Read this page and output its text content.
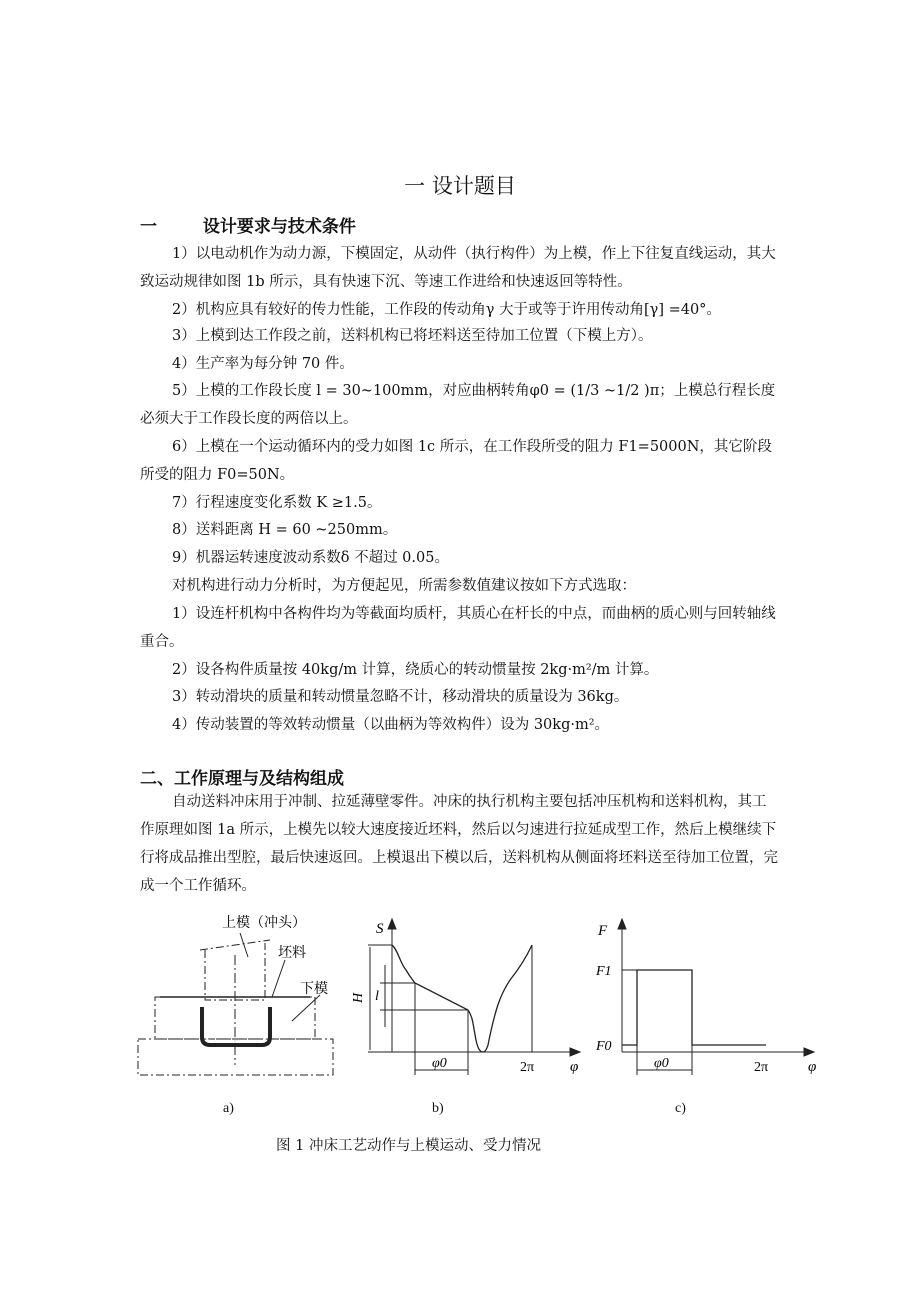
一 设计题目
一	设计要求与技术条件
1）以电动机作为动力源，下模固定，从动件（执行构件）为上模，作上下往复直线运动，其大致运动规律如图 1b 所示，具有快速下沉、等速工作进给和快速返回等特性。
2）机构应具有较好的传力性能，工作段的传动角γ 大于或等于许用传动角[γ] =40°。
3）上模到达工作段之前，送料机构已将坯料送至待加工位置（下模上方）。
4）生产率为每分钟 70 件。
5）上模的工作段长度 l = 30~100mm，对应曲柄转角φ0 = (1/3 ~1/2 )π；上模总行程长度必须大于工作段长度的两倍以上。
6）上模在一个运动循环内的受力如图 1c 所示，在工作段所受的阻力 F1=5000N，其它阶段所受的阻力 F0=50N。
7）行程速度变化系数 K ≥1.5。
8）送料距离 H = 60 ~250mm。
9）机器运转速度波动系数δ 不超过 0.05。
对机构进行动力分析时，为方便起见，所需参数值建议按如下方式选取：
1）设连杆机构中各构件均为等截面均质杆，其质心在杆长的中点，而曲柄的质心则与回转轴线重合。
2）设各构件质量按 40kg/m 计算，绕质心的转动惯量按 2kg·m²/m 计算。
3）转动滑块的质量和转动惯量忽略不计，移动滑块的质量设为 36kg。
4）传动装置的等效转动惯量（以曲柄为等效构件）设为 30kg·m²。
二、工作原理与及结构组成
自动送料冲床用于冲制、拉延薄壁零件。冲床的执行机构主要包括冲压机构和送料机构，其工作原理如图 1a 所示，上模先以较大速度接近坯料，然后以匀速进行拉延成型工作，然后上模继续下行将成品推出型腔，最后快速返回。上模退出下模以后，送料机构从侧面将坯料送至待加工位置，完成一个工作循环。
上模（冲头）
坯料
下模
a)
S
H l
φ0	2π φ
b)
F
F1
F0
φ0	2π	φ
c)
图 1 冲床工艺动作与上模运动、受力情况
